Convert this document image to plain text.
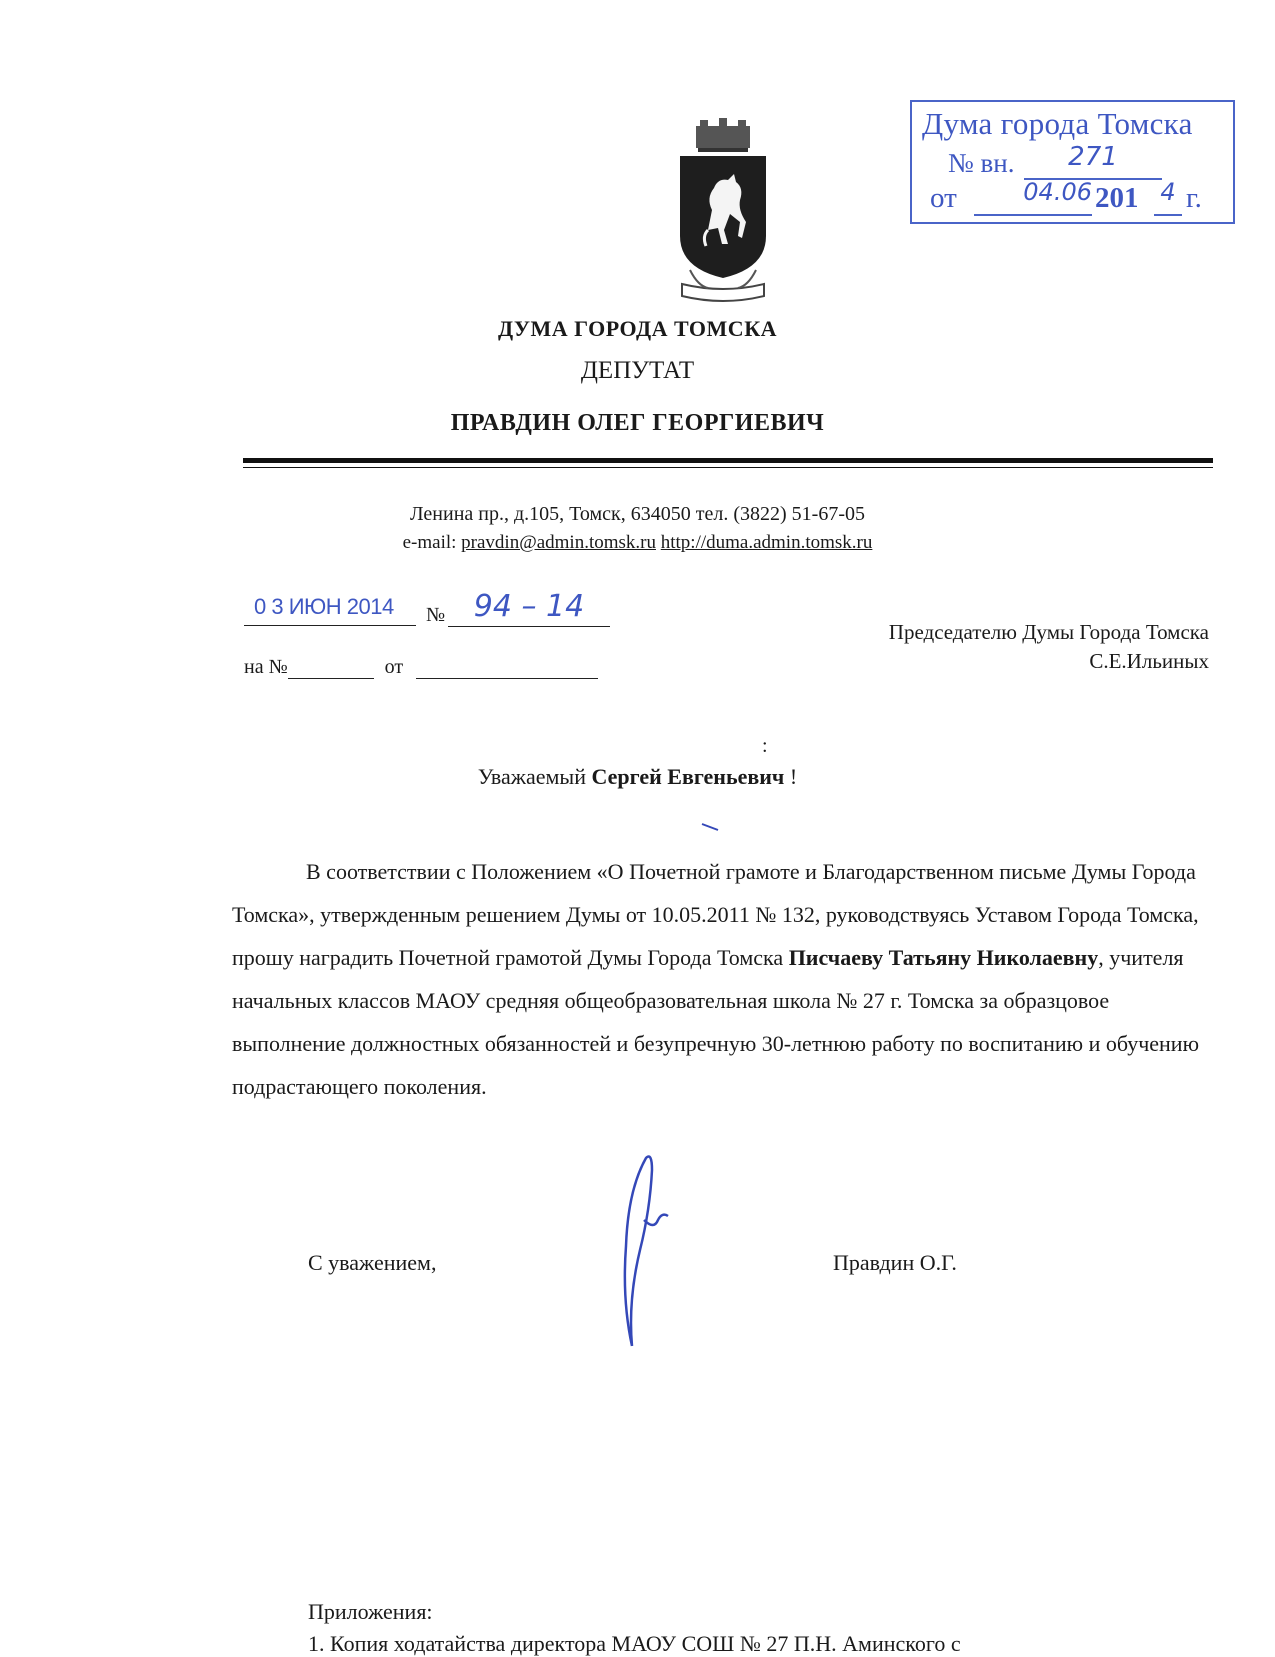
Дума города Томска
№ вн.	271
от	04.06 201 4 г.
ДУМА ГОРОДА ТОМСКА
ДЕПУТАТ
ПРАВДИН ОЛЕГ ГЕОРГИЕВИЧ
Ленина пр., д.105, Томск, 634050 тел. (3822) 51-67-05
e-mail: pravdin@admin.tomsk.ru http://duma.admin.tomsk.ru
0 3 ИЮН 2014	№ 94 – 14
на №	от
Председателю Думы Города Томска
С.Е.Ильиных
:
Уважаемый Сергей Евгеньевич !
В соответствии с Положением «О Почетной грамоте и Благодарственном письме Думы Города Томска», утвержденным решением Думы от 10.05.2011 № 132, руководствуясь Уставом Города Томска, прошу наградить Почетной грамотой Думы Города Томска Писчаеву Татьяну Николаевну, учителя начальных классов МАОУ средняя общеобразовательная школа № 27 г. Томска за образцовое выполнение должностных обязанностей и безупречную 30-летнюю работу по воспитанию и обучению подрастающего поколения.
С уважением,	Правдин О.Г.
Приложения:
1. Копия ходатайства директора МАОУ СОШ № 27 П.Н. Аминского с
